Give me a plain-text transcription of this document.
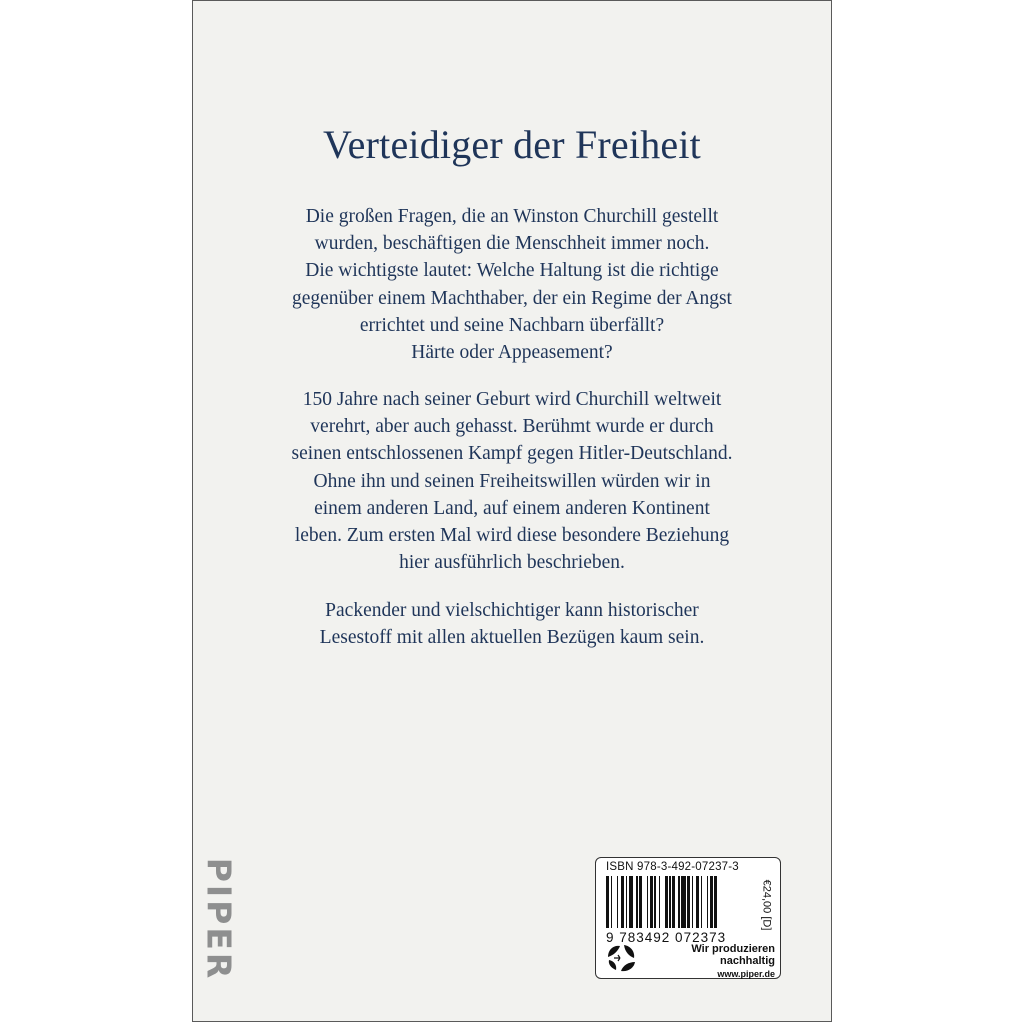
Verteidiger der Freiheit

Die großen Fragen, die an Winston Churchill gestellt
wurden, beschäftigen die Menschheit immer noch.
Die wichtigste lautet: Welche Haltung ist die richtige
gegenüber einem Machthaber, der ein Regime der Angst
errichtet und seine Nachbarn überfällt?
Härte oder Appeasement?

150 Jahre nach seiner Geburt wird Churchill weltweit
verehrt, aber auch gehasst. Berühmt wurde er durch
seinen entschlossenen Kampf gegen Hitler-Deutschland.
Ohne ihn und seinen Freiheitswillen würden wir in
einem anderen Land, auf einem anderen Kontinent
leben. Zum ersten Mal wird diese besondere Beziehung
hier ausführlich beschrieben.

Packender und vielschichtiger kann historischer
Lesestoff mit allen aktuellen Bezügen kaum sein.

PIPER	ISBN 978-3-492-07237-3
9 783492 072373
€24,00 [D]
Wir produzieren
nachhaltig
www.piper.de
